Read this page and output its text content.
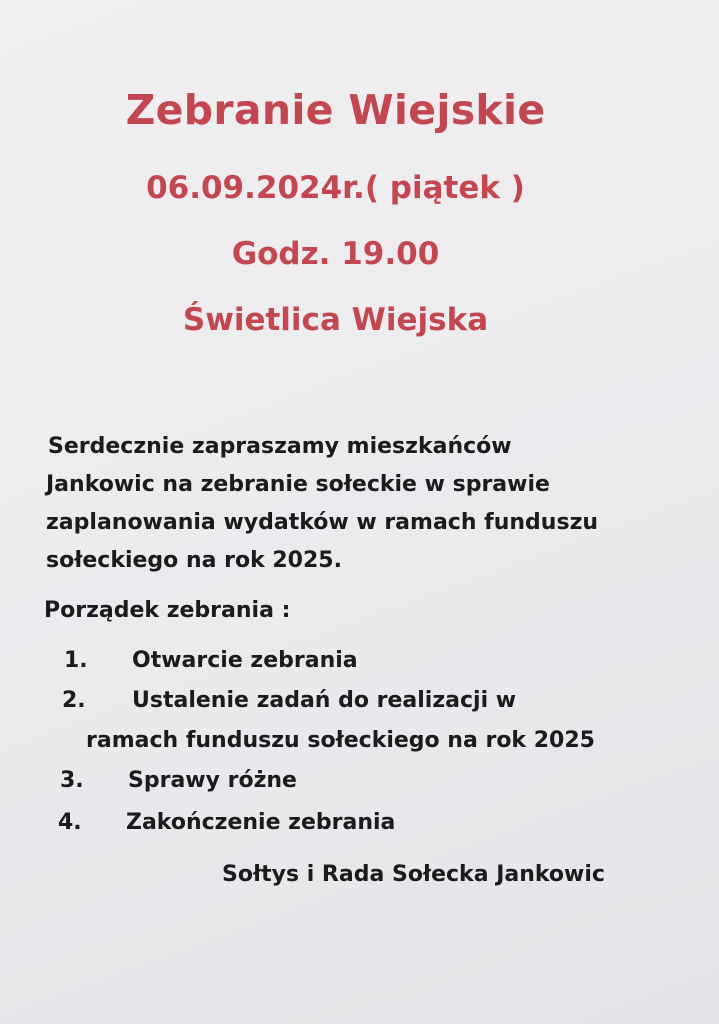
Zebranie Wiejskie
06.09.2024r.( piątek )
Godz. 19.00
Świetlica Wiejska
Serdecznie zapraszamy mieszkańców
Jankowic na zebranie sołeckie w sprawie
zaplanowania wydatków w ramach funduszu
sołeckiego na rok 2025.
Porządek zebrania :
1. Otwarcie zebrania
2. Ustalenie zadań do realizacji w
ramach funduszu sołeckiego na rok 2025
3. Sprawy różne
4. Zakończenie zebrania
Sołtys i Rada Sołecka Jankowic
